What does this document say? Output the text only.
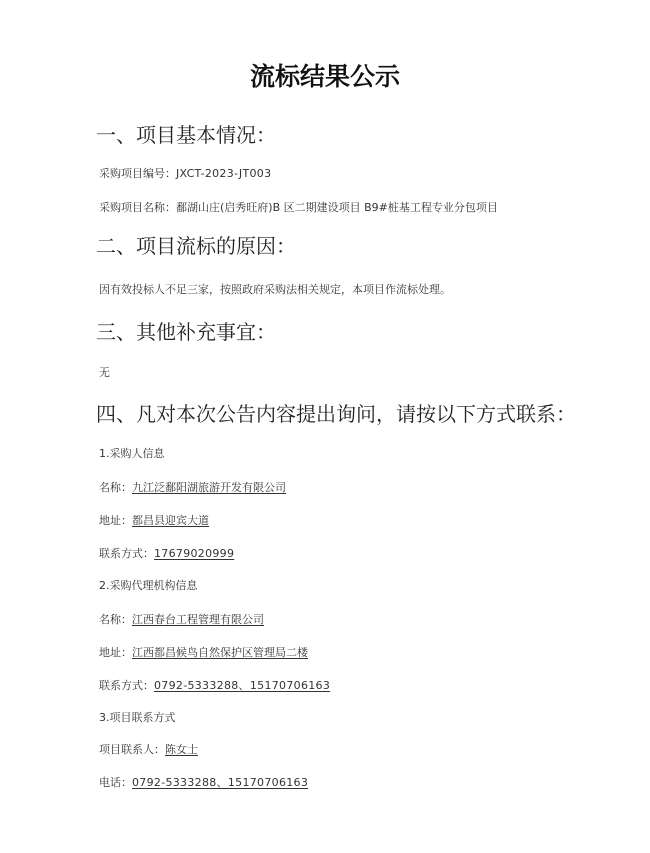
流标结果公示
一、项目基本情况：
采购项目编号：JXCT-2023-JT003
采购项目名称：鄱湖山庄(启秀旺府)B 区二期建设项目 B9#桩基工程专业分包项目
二、项目流标的原因：
因有效投标人不足三家，按照政府采购法相关规定，本项目作流标处理。
三、其他补充事宜：
无
四、凡对本次公告内容提出询问，请按以下方式联系：
1.采购人信息
名称：九江泛鄱阳湖旅游开发有限公司
地址：都昌县迎宾大道
联系方式：17679020999
2.采购代理机构信息
名称：江西春台工程管理有限公司
地址：江西都昌候鸟自然保护区管理局二楼
联系方式：0792-5333288、15170706163
3.项目联系方式
项目联系人：陈女士
电话：0792-5333288、15170706163
